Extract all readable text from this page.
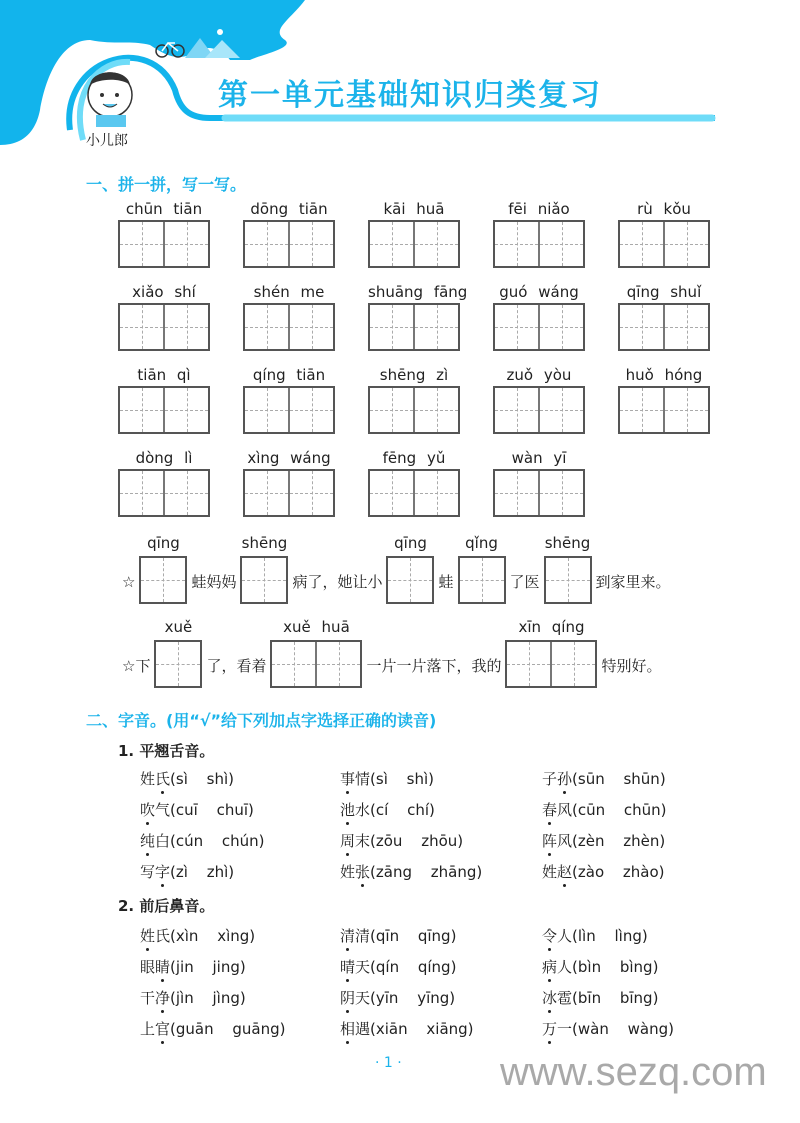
第一单元基础知识归类复习
小儿郎
一、拼一拼，写一写。
chūn tiān	dōng tiān	kāi huā	fēi niǎo	rù kǒu
xiǎo shí	shén me	shuāng fāng	guó wáng	qīng shuǐ
tiān qì	qíng tiān	shēng zì	zuǒ yòu	huǒ hóng
dòng lì	xìng wáng	fēng yǔ	wàn yī
☆
qīng
蛙妈妈
shēng
病了，她让小
qīng
蛙
qǐng
了医
shēng
到家里来。
☆下
xuě
了，看着
xuě huā
一片一片落下，我的
xīn qíng
特别好。
二、字音。(用“√”给下列加点字选择正确的读音)
1. 平翘舌音。
姓氏(sì shì)	事情(sì shì)	子孙(sūn shūn)
吹气(cuī chuī)	池水(cí chí)	春风(cūn chūn)
纯白(cún chún)	周末(zōu zhōu)	阵风(zèn zhèn)
写字(zì zhì)	姓张(zāng zhāng)	姓赵(zào zhào)
2. 前后鼻音。
姓氏(xìn xìng)	清清(qīn qīng)	令人(lìn lìng)
眼睛(jin jing)	晴天(qín qíng)	病人(bìn bìng)
干净(jìn jìng)	阴天(yīn yīng)	冰雹(bīn bīng)
上官(guān guāng)	相遇(xiān xiāng)	万一(wàn wàng)
· 1 · www.sezq.com
